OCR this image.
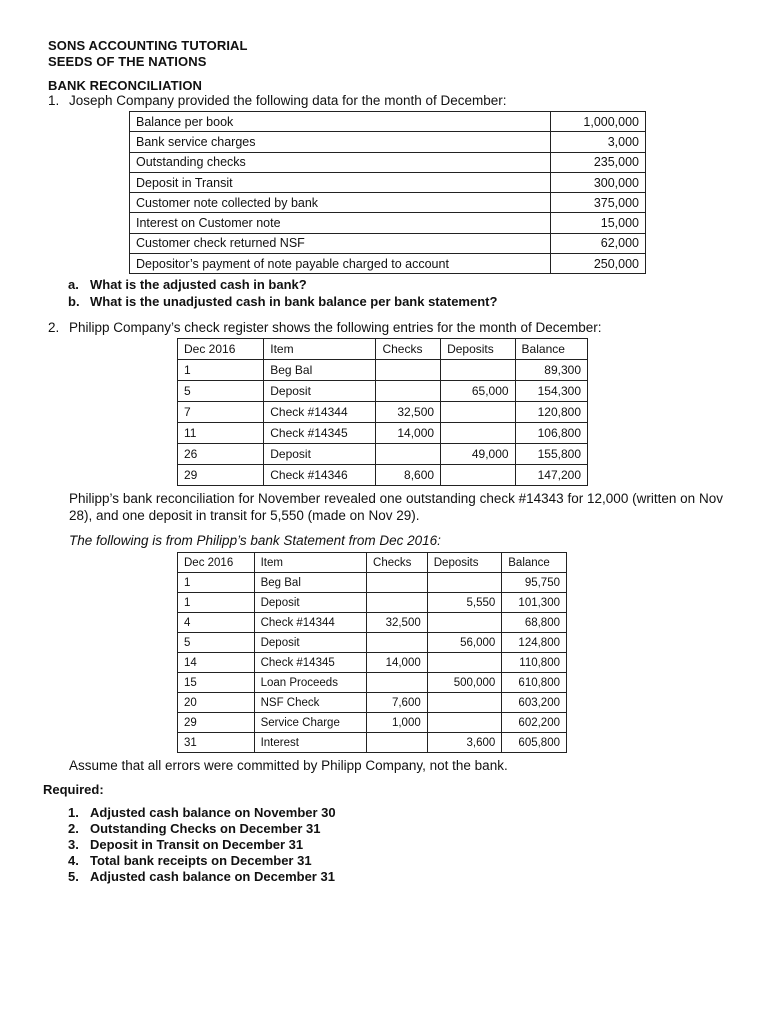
SONS ACCOUNTING TUTORIAL
SEEDS OF THE NATIONS
BANK RECONCILIATION
1. Joseph Company provided the following data for the month of December:
Balance per book	1,000,000
Bank service charges	3,000
Outstanding checks	235,000
Deposit in Transit	300,000
Customer note collected by bank	375,000
Interest on Customer note	15,000
Customer check returned NSF	62,000
Depositor’s payment of note payable charged to account	250,000
a. What is the adjusted cash in bank?
b. What is the unadjusted cash in bank balance per bank statement?
2. Philipp Company’s check register shows the following entries for the month of December:
Dec 2016	Item	Checks	Deposits	Balance
1	Beg Bal			89,300
5	Deposit		65,000	154,300
7	Check #14344	32,500		120,800
11	Check #14345	14,000		106,800
26	Deposit		49,000	155,800
29	Check #14346	8,600		147,200
Philipp’s bank reconciliation for November revealed one outstanding check #14343 for 12,000 (written on Nov 28), and one deposit in transit for 5,550 (made on Nov 29).
The following is from Philipp’s bank Statement from Dec 2016:
Dec 2016	Item	Checks	Deposits	Balance
1	Beg Bal			95,750
1	Deposit		5,550	101,300
4	Check #14344	32,500		68,800
5	Deposit		56,000	124,800
14	Check #14345	14,000		110,800
15	Loan Proceeds		500,000	610,800
20	NSF Check	7,600		603,200
29	Service Charge	1,000		602,200
31	Interest		3,600	605,800
Assume that all errors were committed by Philipp Company, not the bank.
Required:
1. Adjusted cash balance on November 30
2. Outstanding Checks on December 31
3. Deposit in Transit on December 31
4. Total bank receipts on December 31
5. Adjusted cash balance on December 31
